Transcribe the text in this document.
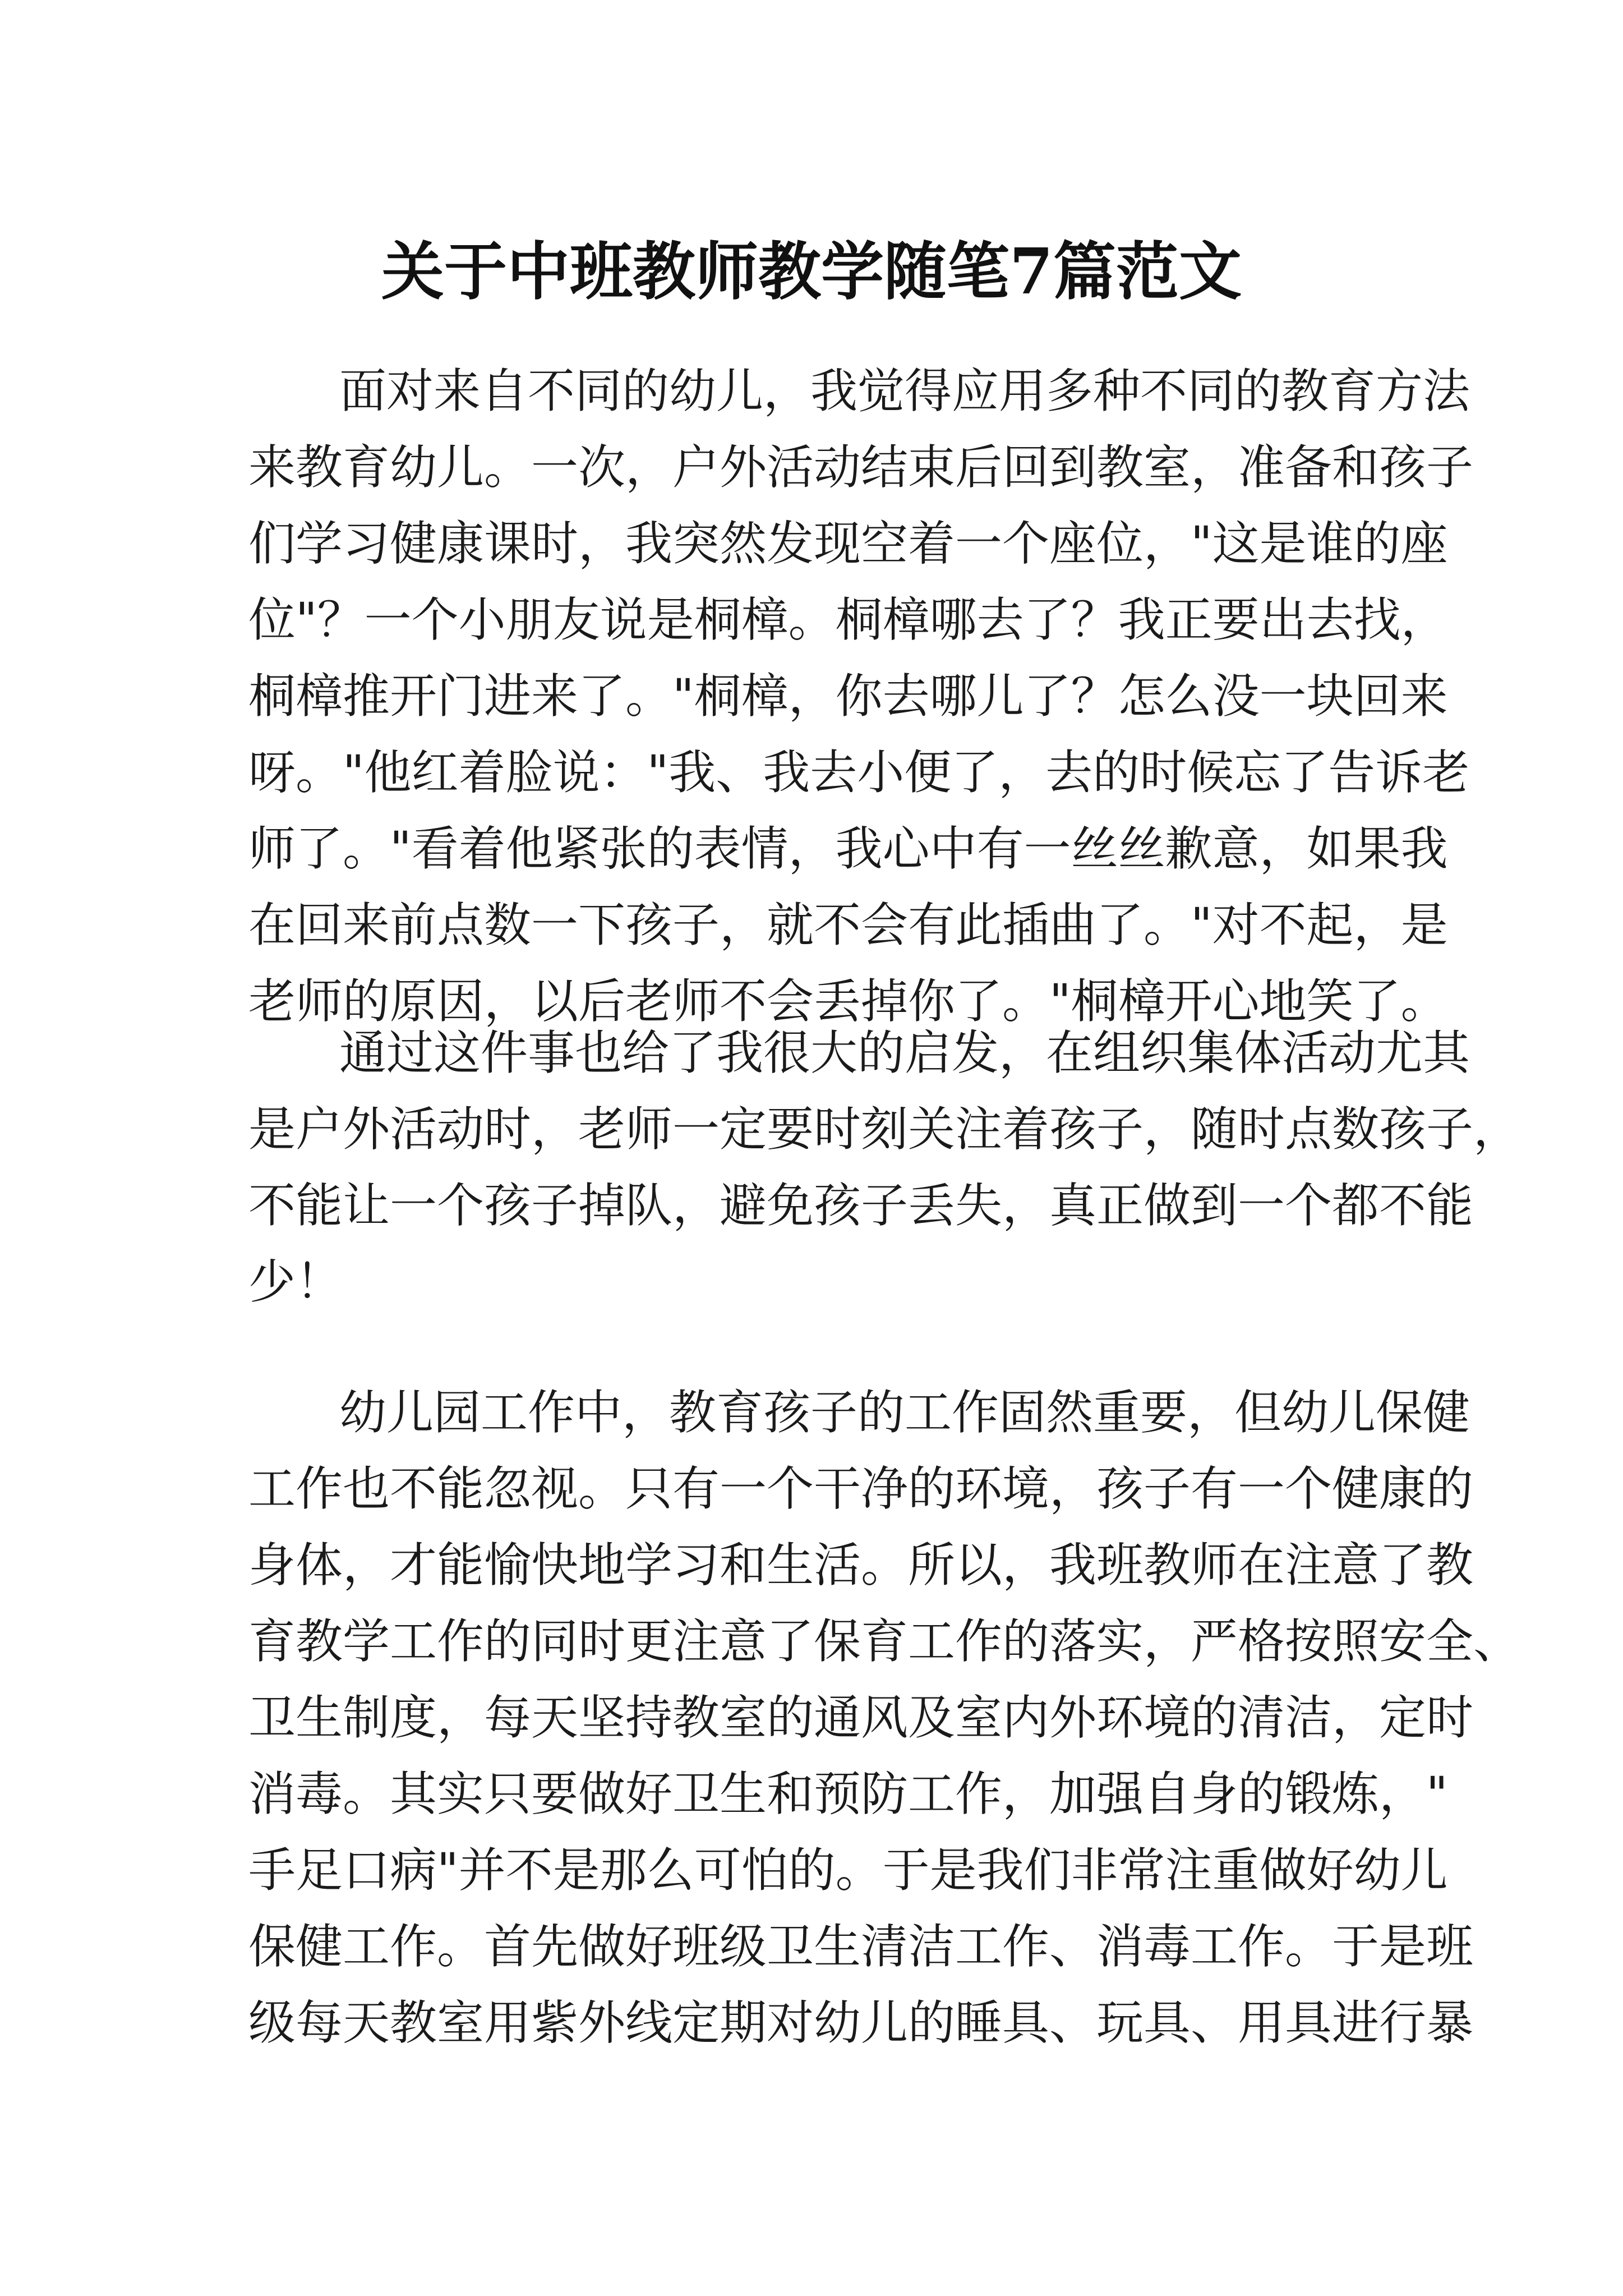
关于中班教师教学随笔7篇范文
面对来自不同的幼儿，我觉得应用多种不同的教育方法
来教育幼儿。一次，户外活动结束后回到教室，准备和孩子
们学习健康课时，我突然发现空着一个座位，"这是谁的座
位"？一个小朋友说是桐樟。桐樟哪去了？我正要出去找，
桐樟推开门进来了。"桐樟，你去哪儿了？怎么没一块回来
呀。"他红着脸说："我、我去小便了，去的时候忘了告诉老
师了。"看着他紧张的表情，我心中有一丝丝歉意，如果我
在回来前点数一下孩子，就不会有此插曲了。"对不起，是
老师的原因，以后老师不会丢掉你了。"桐樟开心地笑了。
通过这件事也给了我很大的启发，在组织集体活动尤其
是户外活动时，老师一定要时刻关注着孩子，随时点数孩子，
不能让一个孩子掉队，避免孩子丢失，真正做到一个都不能
少！
幼儿园工作中，教育孩子的工作固然重要，但幼儿保健
工作也不能忽视。只有一个干净的环境，孩子有一个健康的
身体，才能愉快地学习和生活。所以，我班教师在注意了教
育教学工作的同时更注意了保育工作的落实，严格按照安全、
卫生制度，每天坚持教室的通风及室内外环境的清洁，定时
消毒。其实只要做好卫生和预防工作，加强自身的锻炼，"
手足口病"并不是那么可怕的。于是我们非常注重做好幼儿
保健工作。首先做好班级卫生清洁工作、消毒工作。于是班
级每天教室用紫外线定期对幼儿的睡具、玩具、用具进行暴
